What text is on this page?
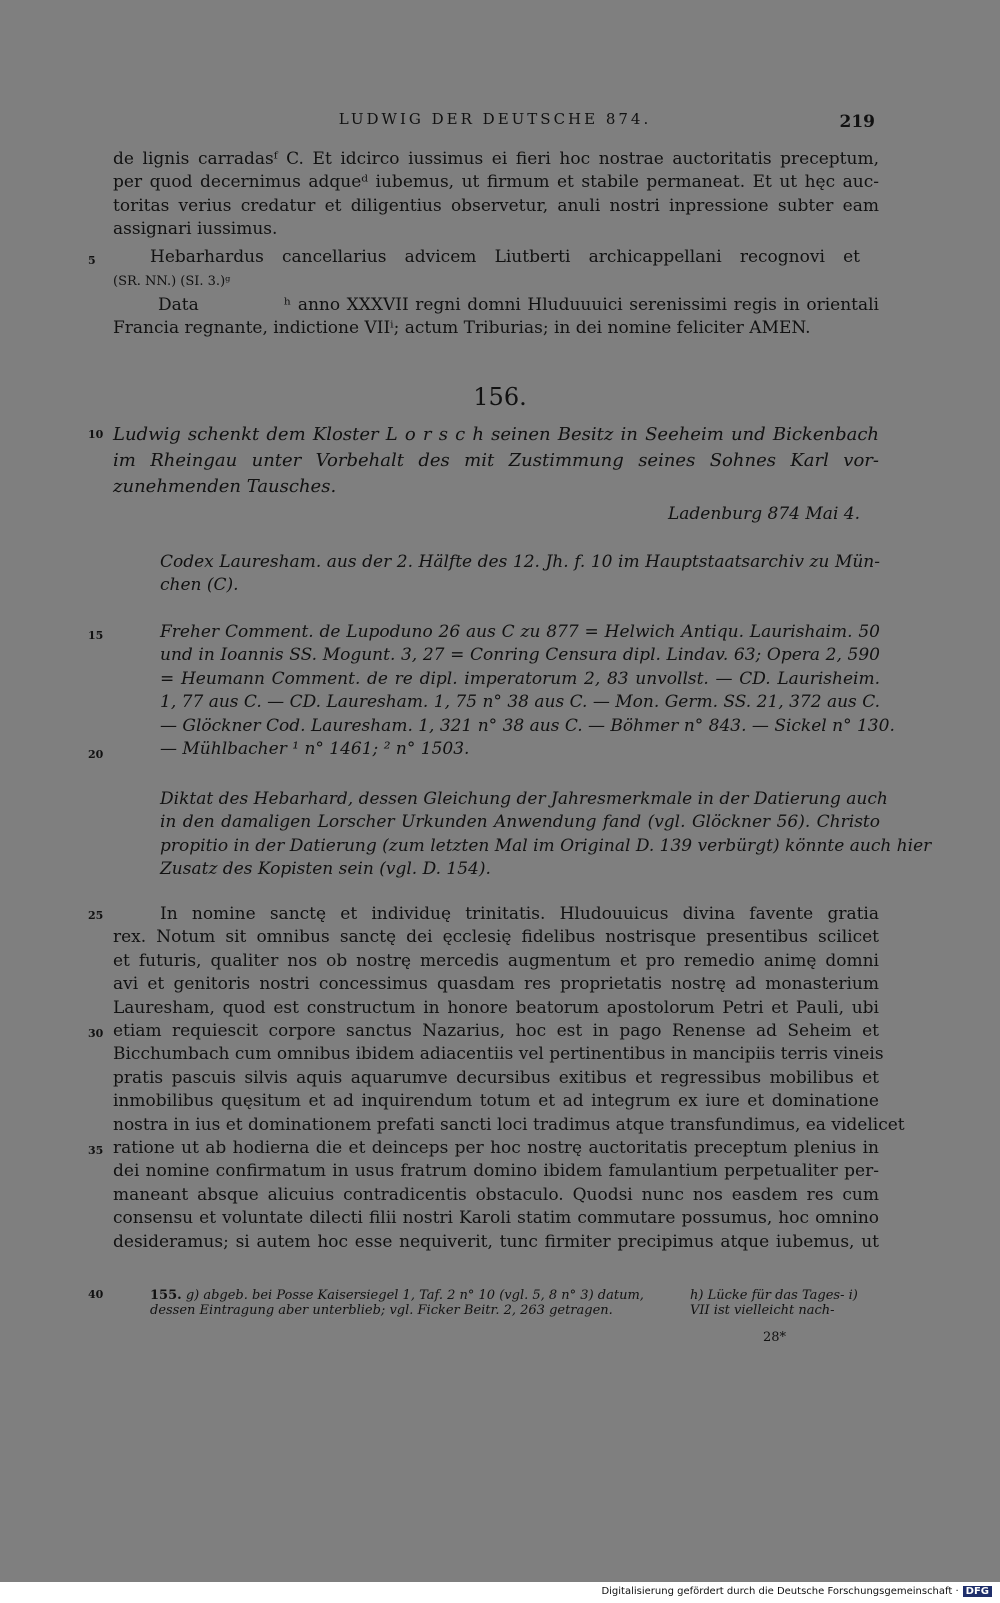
LUDWIG DER DEUTSCHE 874.	219
de lignis carradasᶠ C. Et idcirco iussimus ei fieri hoc nostrae auctoritatis preceptum,
per quod decernimus adqueᵈ iubemus, ut firmum et stabile permaneat. Et ut hęc auc-
toritas verius credatur et diligentius observetur, anuli nostri inpressione subter eam
assignari iussimus.
Hebarhardus cancellarius advicem Liutberti archicappellani recognovi et
(SR. NN.) (SI. 3.)ᵍ
Data             ʰ anno XXXVII regni domni Hluduuuici serenissimi regis in orientali
Francia regnante, indictione VIIⁱ; actum Triburias; in dei nomine feliciter AMEN.
5
156.
10 Ludwig schenkt dem Kloster L o r s c h seinen Besitz in Seeheim und Bickenbach
im Rheingau unter Vorbehalt des mit Zustimmung seines Sohnes Karl vor-
zunehmenden Tausches.
Ladenburg 874 Mai 4.
Codex Lauresham. aus der 2. Hälfte des 12. Jh. f. 10 im Hauptstaatsarchiv zu Mün-
chen (C).
15	Freher Comment. de Lupoduno 26 aus C zu 877 = Helwich Antiqu. Laurishaim. 50
und in Ioannis SS. Mogunt. 3, 27 = Conring Censura dipl. Lindav. 63; Opera 2, 590
= Heumann Comment. de re dipl. imperatorum 2, 83 unvollst. — CD. Laurisheim.
1, 77 aus C. — CD. Lauresham. 1, 75 n° 38 aus C. — Mon. Germ. SS. 21, 372 aus C.
— Glöckner Cod. Lauresham. 1, 321 n° 38 aus C. — Böhmer n° 843. — Sickel n° 130.
— Mühlbacher ¹ n° 1461; ² n° 1503.
20
Diktat des Hebarhard, dessen Gleichung der Jahresmerkmale in der Datierung auch
in den damaligen Lorscher Urkunden Anwendung fand (vgl. Glöckner 56). Christo
propitio in der Datierung (zum letzten Mal im Original D. 139 verbürgt) könnte auch hier
Zusatz des Kopisten sein (vgl. D. 154).
25	In nomine sanctę et individuę trinitatis. Hludouuicus divina favente gratia
rex. Notum sit omnibus sanctę dei ęcclesię fidelibus nostrisque presentibus scilicet
et futuris, qualiter nos ob nostrę mercedis augmentum et pro remedio animę domni
avi et genitoris nostri concessimus quasdam res proprietatis nostrę ad monasterium
Lauresham, quod est constructum in honore beatorum apostolorum Petri et Pauli, ubi
etiam requiescit corpore sanctus Nazarius, hoc est in pago Renense ad Seheim et
Bicchumbach cum omnibus ibidem adiacentiis vel pertinentibus in mancipiis terris vineis
pratis pascuis silvis aquis aquarumve decursibus exitibus et regressibus mobilibus et
inmobilibus quęsitum et ad inquirendum totum et ad integrum ex iure et dominatione
nostra in ius et dominationem prefati sancti loci tradimus atque transfundimus, ea videlicet
ratione ut ab hodierna die et deinceps per hoc nostrę auctoritatis preceptum plenius in
dei nomine confirmatum in usus fratrum domino ibidem famulantium perpetualiter per-
maneant absque alicuius contradicentis obstaculo. Quodsi nunc nos easdem res cum
consensu et voluntate dilecti filii nostri Karoli statim commutare possumus, hoc omnino
desideramus; si autem hoc esse nequiverit, tunc firmiter precipimus atque iubemus, ut
30
35
40	155. g) abgeb. bei Posse Kaisersiegel 1, Taf. 2 n° 10 (vgl. 5, 8 n° 3) datum, dessen Eintragung aber unterblieb; vgl. Ficker Beitr. 2, 263 getragen.
h) Lücke für das Tages- i) VII ist vielleicht nach-
28*
Digitalisierung gefördert durch die Deutsche Forschungsgemeinschaft · DFG
